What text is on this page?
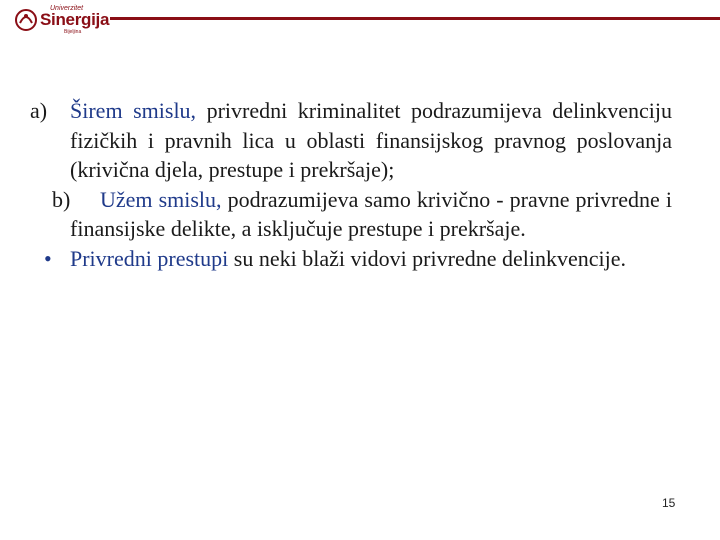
Univerzitet
Sinergija
Bijeljina
a) Širem smislu, privredni kriminalitet podrazumijeva delinkvenciju fizičkih i pravnih lica u oblasti finansijskog pravnog poslovanja (krivična djela, prestupe i prekršaje);
b) Užem smislu, podrazumijeva samo krivično - pravne privredne i finansijske delikte, a isključuje prestupe i prekršaje.
• Privredni prestupi su neki blaži vidovi privredne delinkvencije.
15
